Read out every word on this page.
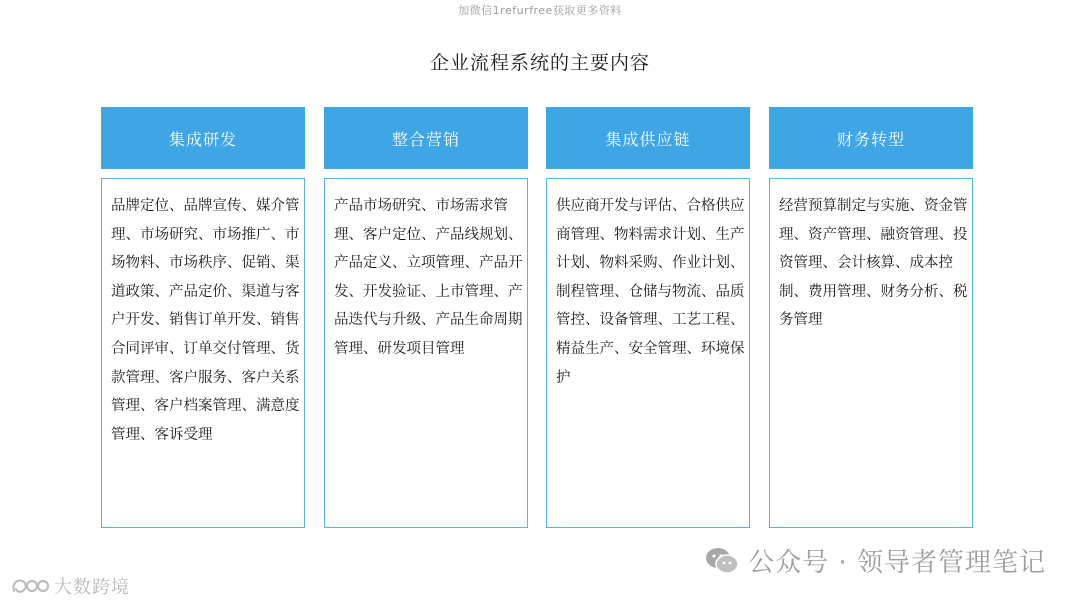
加微信1refurfree获取更多资料
企业流程系统的主要内容
集成研发
品牌定位、品牌宣传、媒介管理、市场研究、市场推广、市场物料、市场秩序、促销、渠道政策、产品定价、渠道与客户开发、销售订单开发、销售合同评审、订单交付管理、货款管理、客户服务、客户关系管理、客户档案管理、满意度管理、客诉受理
整合营销
产品市场研究、市场需求管理、客户定位、产品线规划、产品定义、立项管理、产品开发、开发验证、上市管理、产品迭代与升级、产品生命周期管理、研发项目管理
集成供应链
供应商开发与评估、合格供应商管理、物料需求计划、生产计划、物料采购、作业计划、制程管理、仓储与物流、品质管控、设备管理、工艺工程、精益生产、安全管理、环境保护
财务转型
经营预算制定与实施、资金管理、资产管理、融资管理、投资管理、会计核算、成本控制、费用管理、财务分析、税务管理
公众号 · 领导者管理笔记
大数跨境
